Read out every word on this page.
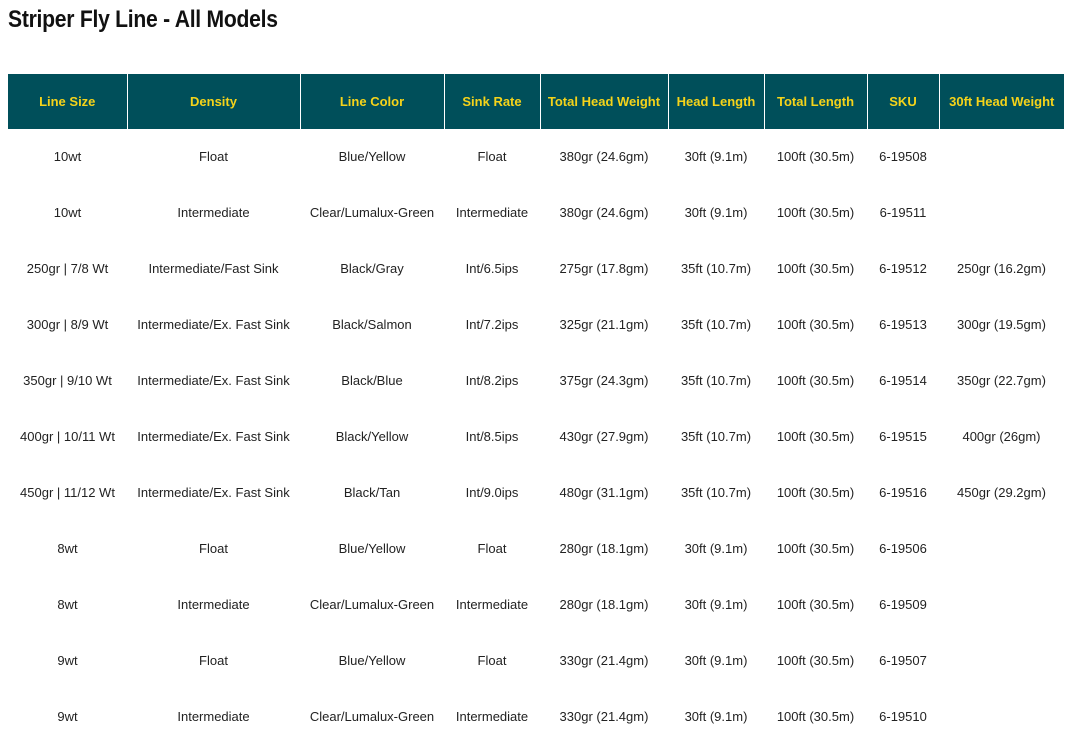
Striper Fly Line - All Models
Line Size	Density	Line Color	Sink Rate	Total Head Weight	Head Length	Total Length	SKU	30ft Head Weight
10wt	Float	Blue/Yellow	Float	380gr (24.6gm)	30ft (9.1m)	100ft (30.5m)	6-19508	
10wt	Intermediate	Clear/Lumalux-Green	Intermediate	380gr (24.6gm)	30ft (9.1m)	100ft (30.5m)	6-19511	
250gr | 7/8 Wt	Intermediate/Fast Sink	Black/Gray	Int/6.5ips	275gr (17.8gm)	35ft (10.7m)	100ft (30.5m)	6-19512	250gr (16.2gm)
300gr | 8/9 Wt	Intermediate/Ex. Fast Sink	Black/Salmon	Int/7.2ips	325gr (21.1gm)	35ft (10.7m)	100ft (30.5m)	6-19513	300gr (19.5gm)
350gr | 9/10 Wt	Intermediate/Ex. Fast Sink	Black/Blue	Int/8.2ips	375gr (24.3gm)	35ft (10.7m)	100ft (30.5m)	6-19514	350gr (22.7gm)
400gr | 10/11 Wt	Intermediate/Ex. Fast Sink	Black/Yellow	Int/8.5ips	430gr (27.9gm)	35ft (10.7m)	100ft (30.5m)	6-19515	400gr (26gm)
450gr | 11/12 Wt	Intermediate/Ex. Fast Sink	Black/Tan	Int/9.0ips	480gr (31.1gm)	35ft (10.7m)	100ft (30.5m)	6-19516	450gr (29.2gm)
8wt	Float	Blue/Yellow	Float	280gr (18.1gm)	30ft (9.1m)	100ft (30.5m)	6-19506	
8wt	Intermediate	Clear/Lumalux-Green	Intermediate	280gr (18.1gm)	30ft (9.1m)	100ft (30.5m)	6-19509	
9wt	Float	Blue/Yellow	Float	330gr (21.4gm)	30ft (9.1m)	100ft (30.5m)	6-19507	
9wt	Intermediate	Clear/Lumalux-Green	Intermediate	330gr (21.4gm)	30ft (9.1m)	100ft (30.5m)	6-19510	
